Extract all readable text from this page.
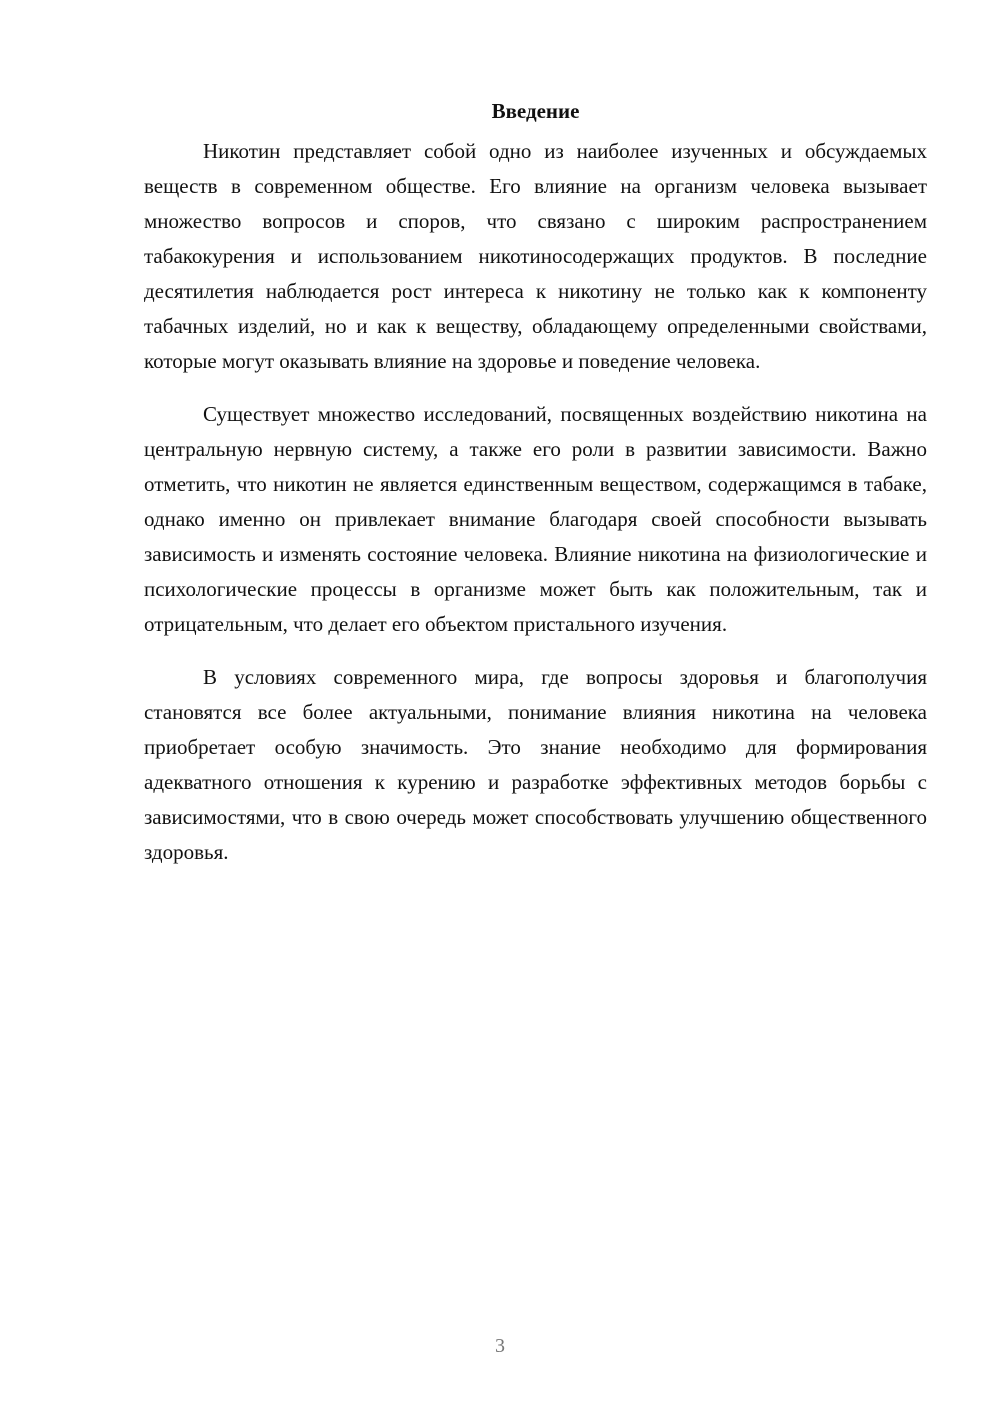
Введение

Никотин представляет собой одно из наиболее изученных и обсуждаемых веществ в современном обществе. Его влияние на организм человека вызывает множество вопросов и споров, что связано с широким распространением табакокурения и использованием никотиносодержащих продуктов. В последние десятилетия наблюдается рост интереса к никотину не только как к компоненту табачных изделий, но и как к веществу, обладающему определенными свойствами, которые могут оказывать влияние на здоровье и поведение человека.

Существует множество исследований, посвященных воздействию никотина на центральную нервную систему, а также его роли в развитии зависимости. Важно отметить, что никотин не является единственным веществом, содержащимся в табаке, однако именно он привлекает внимание благодаря своей способности вызывать зависимость и изменять состояние человека. Влияние никотина на физиологические и психологические процессы в организме может быть как положительным, так и отрицательным, что делает его объектом пристального изучения.

В условиях современного мира, где вопросы здоровья и благополучия становятся все более актуальными, понимание влияния никотина на человека приобретает особую значимость. Это знание необходимо для формирования адекватного отношения к курению и разработке эффективных методов борьбы с зависимостями, что в свою очередь может способствовать улучшению общественного здоровья.

3
